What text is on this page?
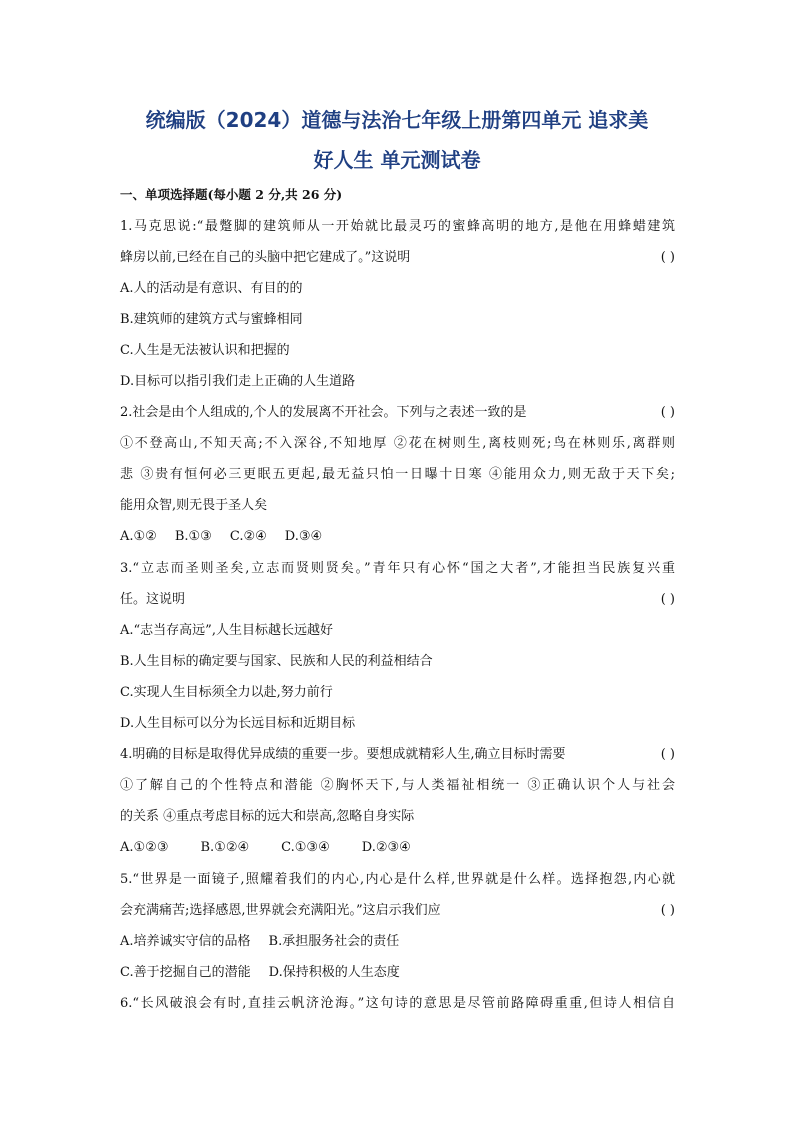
统编版（2024）道德与法治七年级上册第四单元 追求美
好人生 单元测试卷
一、单项选择题(每小题 2 分,共 26 分)
1.马克思说:“最蹩脚的建筑师从一开始就比最灵巧的蜜蜂高明的地方,是他在用蜂蜡建筑
蜂房以前,已经在自己的头脑中把它建成了。”这说明	( )
A.人的活动是有意识、有目的的
B.建筑师的建筑方式与蜜蜂相同
C.人生是无法被认识和把握的
D.目标可以指引我们走上正确的人生道路
2.社会是由个人组成的,个人的发展离不开社会。下列与之表述一致的是	( )
①不登高山,不知天高;不入深谷,不知地厚 ②花在树则生,离枝则死;鸟在林则乐,离群则
悲 ③贵有恒何必三更眠五更起,最无益只怕一日曝十日寒 ④能用众力,则无敌于天下矣;
能用众智,则无畏于圣人矣
A.①② B.①③ C.②④ D.③④
3.“立志而圣则圣矣,立志而贤则贤矣。”青年只有心怀“国之大者”,才能担当民族复兴重
任。这说明	( )
A.“志当存高远”,人生目标越长远越好
B.人生目标的确定要与国家、民族和人民的利益相结合
C.实现人生目标须全力以赴,努力前行
D.人生目标可以分为长远目标和近期目标
4.明确的目标是取得优异成绩的重要一步。要想成就精彩人生,确立目标时需要	( )
①了解自己的个性特点和潜能 ②胸怀天下,与人类福祉相统一 ③正确认识个人与社会
的关系 ④重点考虑目标的远大和崇高,忽略自身实际
A.①②③ B.①②④ C.①③④ D.②③④
5.“世界是一面镜子,照耀着我们的内心,内心是什么样,世界就是什么样。选择抱怨,内心就
会充满痛苦;选择感恩,世界就会充满阳光。”这启示我们应	( )
A.培养诚实守信的品格 B.承担服务社会的责任
C.善于挖掘自己的潜能 D.保持积极的人生态度
6.“长风破浪会有时,直挂云帆济沧海。”这句诗的意思是尽管前路障碍重重,但诗人相信自
